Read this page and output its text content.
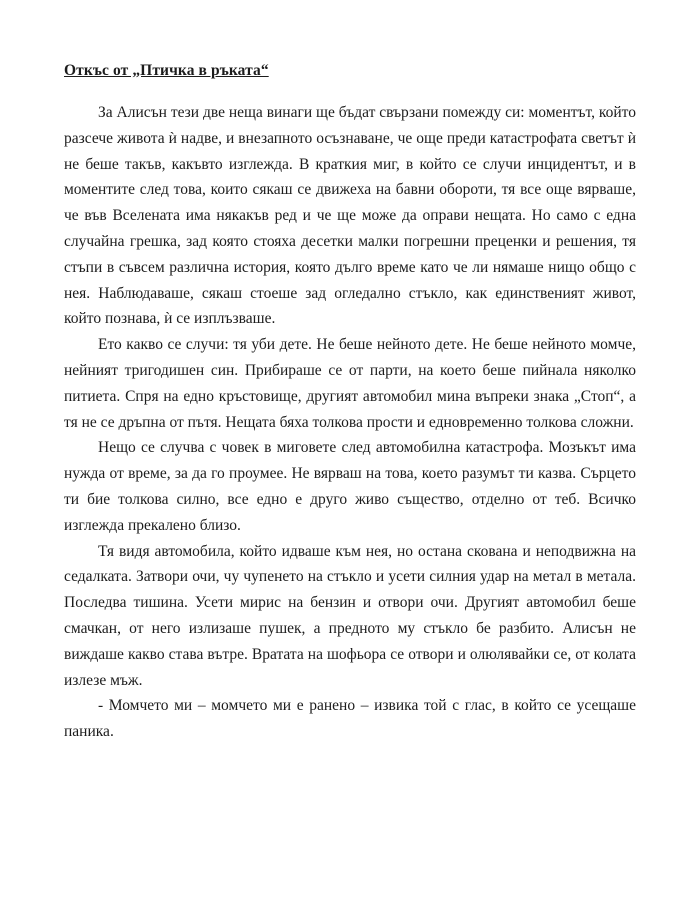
Откъс от „Птичка в ръката“

За Алисън тези две неща винаги ще бъдат свързани помежду си: моментът, който разсече живота ѝ надве, и внезапното осъзнаване, че още преди катастрофата светът ѝ не беше такъв, какъвто изглежда. В краткия миг, в който се случи инцидентът, и в моментите след това, които сякаш се движеха на бавни обороти, тя все още вярваше, че във Вселената има някакъв ред и че ще може да оправи нещата. Но само с една случайна грешка, зад която стояха десетки малки погрешни преценки и решения, тя стъпи в съвсем различна история, която дълго време като че ли нямаше нищо общо с нея. Наблюдаваше, сякаш стоеше зад огледално стъкло, как единственият живот, който познава, ѝ се изплъзваше.

Ето какво се случи: тя уби дете. Не беше нейното дете. Не беше нейното момче, нейният тригодишен син. Прибираше се от парти, на което беше пийнала няколко питиета. Спря на едно кръстовище, другият автомобил мина въпреки знака „Стоп“, а тя не се дръпна от пътя. Нещата бяха толкова прости и едновременно толкова сложни.

Нещо се случва с човек в миговете след автомобилна катастрофа. Мозъкът има нужда от време, за да го проумее. Не вярваш на това, което разумът ти казва. Сърцето ти бие толкова силно, все едно е друго живо същество, отделно от теб. Всичко изглежда прекалено близо.

Тя видя автомобила, който идваше към нея, но остана скована и неподвижна на седалката. Затвори очи, чу чупенето на стъкло и усети силния удар на метал в метала. Последва тишина. Усети мирис на бензин и отвори очи. Другият автомобил беше смачкан, от него излизаше пушек, а предното му стъкло бе разбито. Алисън не виждаше какво става вътре. Вратата на шофьора се отвори и олюлявайки се, от колата излезе мъж.

- Момчето ми – момчето ми е ранено – извика той с глас, в който се усещаше паника.
